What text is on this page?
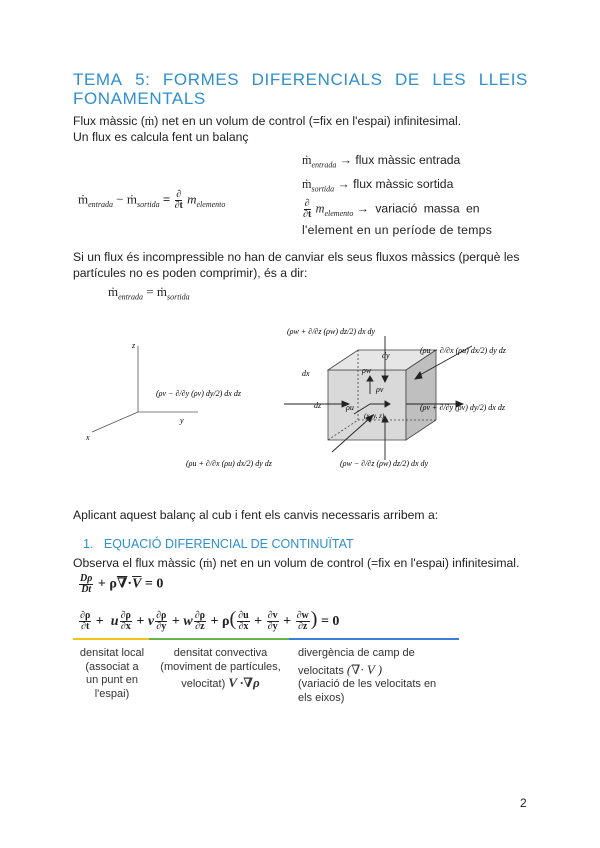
TEMA 5: FORMES DIFERENCIALS DE LES LLEIS
FONAMENTALS
Flux màssic (ṁ) net en un volum de control (=fix en l'espai) infinitesimal.
Un flux es calcula fent un balanç
ṁ$_{entrada}$ − ṁ$_{sortida}$ = $\frac{\partial}{\partial t} m_{elemento}$
ṁ$_{entrada}$ → flux màssic entrada
ṁ$_{sortida}$ → flux màssic sortida
$\frac{\partial}{\partial t} m_{elemento}$ → variació massa en
l'element en un període de temps
Si un flux és incompressible no han de canviar els seus fluxos màssics (perquè les
partícules no es poden comprimir), és a dir:
ṁ$_{entrada}$ = ṁ$_{sortida}$
z
y
x
dx
dy
dz
ρw
ρv
ρu
(x, y, z)
(ρw + ∂/∂z (ρw) dz/2) dx dy
(ρu − ∂/∂x (ρu) dx/2) dy dz
(ρv − ∂/∂y (ρv) dy/2) dx dz
(ρv + ∂/∂y (ρv) dy/2) dx dz
(ρu + ∂/∂x (ρu) dx/2) dy dz	(ρw − ∂/∂z (ρw) dz/2) dx dy
Aplicant aquest balanç al cub i fent els canvis necessaris arribem a:
1. EQUACIÓ DIFERENCIAL DE CONTINUÏTAT
Observa el flux màssic (ṁ) net en un volum de control (=fix en l'espai) infinitesimal.
$\frac{D\rho}{Dt} + \rho\nabla\cdot\overline{V} = 0$
$\frac{\partial\rho}{\partial t} + u \frac{\partial\rho}{\partial x} + v \frac{\partial\rho}{\partial y} + w \frac{\partial\rho}{\partial z} + \rho( \frac{\partial u}{\partial x} + \frac{\partial v}{\partial y} + \frac{\partial w}{\partial z}$ ) = 0
densitat local
(associat a
un punt en
l'espai)
densitat convectiva
(moviment de partícules,
velocitat) V ·∇ρ
divergència de camp de
velocitats (∇· V )
(variació de les velocitats en
els eixos)
2
